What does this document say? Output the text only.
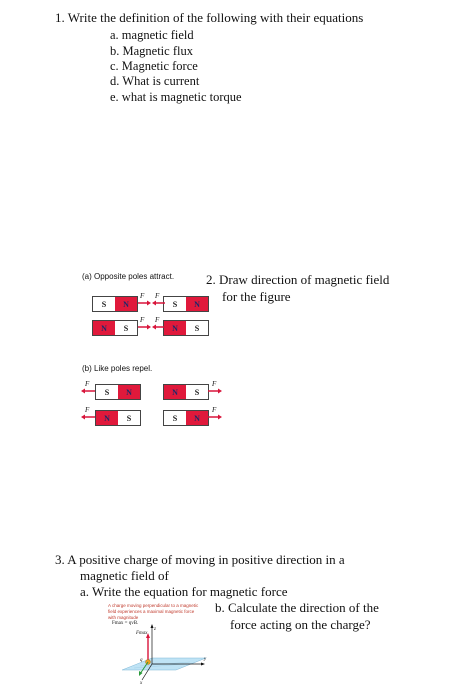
1. Write the definition of the following with their equations
a. magnetic field
b. Magnetic flux
c. Magnetic force
d. What is current
e. what is magnetic torque
(a) Opposite poles attract.
(b) Like poles repel.
2. Draw direction of magnetic field
for the figure
S	N	S	N
F F
N	S	N	S
F F
F
S	N	N	S
F
F
N	S	S	N
F
3. A positive charge of moving in positive direction in a
magnetic field of
a. Write the equation for magnetic force
b. Calculate the direction of the
force acting on the charge?
A charge moving perpendicular to a magnetic
field experiences a maximal magnetic force
with magnitude
Fmax = qvB.
z
y
x
Fmax
q
